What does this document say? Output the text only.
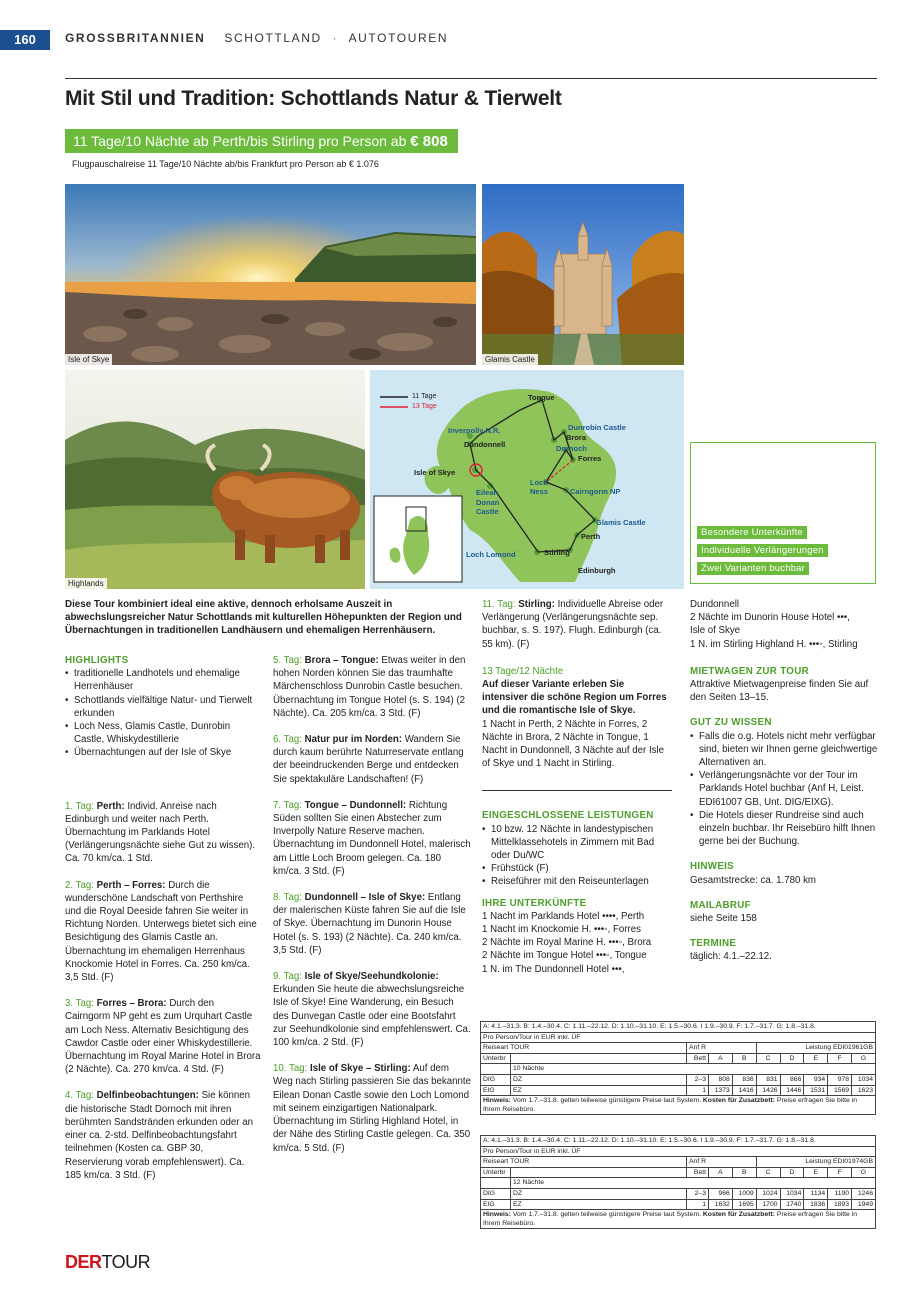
160	GROSSBRITANNIEN SCHOTTLAND · AUTOTOUREN
Mit Stil und Tradition: Schottlands Natur & Tierwelt
11 Tage/10 Nächte ab Perth/bis Stirling pro Person ab € 808
Flugpauschalreise 11 Tage/10 Nächte ab/bis Frankfurt pro Person ab € 1.076
Isle of Skye	Glamis Castle
Highlands
11 Tage
13 Tage
Tongue
Inverpolly N.R.	Dunrobin Castle
Dundonnell
Brora
Dornoch
Forres
Isle of Skye
Loch Ness	Cairngorm NP
Eilean Donan Castle
Glamis Castle
Perth
Loch Lomond	Stirling
Edinburgh
Besondere Unterkünfte
Individuelle Verlängerungen
Zwei Varianten buchbar
Diese Tour kombiniert ideal eine aktive, dennoch erholsame Auszeit in abwechslungsreicher Natur Schottlands mit kulturellen Höhepunkten der Region und Übernachtungen in traditionellen Landhäusern und ehemaligen Herrenhäusern.
HIGHLIGHTS
• traditionelle Landhotels und ehemalige Herrenhäuser
• Schottlands vielfältige Natur- und Tierwelt erkunden
• Loch Ness, Glamis Castle, Dunrobin Castle, Whiskydestillerie
• Übernachtungen auf der Isle of Skye
1. Tag: Perth: Individ. Anreise nach Edinburgh und weiter nach Perth. Übernachtung im Parklands Hotel (Verlängerungsnächte siehe Gut zu wissen). Ca. 70 km/ca. 1 Std.
2. Tag: Perth – Forres: Durch die wunderschöne Landschaft von Perthshire und die Royal Deeside fahren Sie weiter in Richtung Norden. Unterwegs bietet sich eine Besichtigung des Glamis Castle an. Übernachtung im ehemaligen Herrenhaus Knockomie Hotel in Forres. Ca. 250 km/ca. 3,5 Std. (F)
3. Tag: Forres – Brora: Durch den Cairngorm NP geht es zum Urquhart Castle am Loch Ness. Alternativ Besichtigung des Cawdor Castle oder einer Whiskydestillerie. Übernachtung im Royal Marine Hotel in Brora (2 Nächte). Ca. 270 km/ca. 4 Std. (F)
4. Tag: Delfinbeobachtungen: Sie können die historische Stadt Dornoch mit ihren berühmten Sandstränden erkunden oder an einer ca. 2-std. Delfinbeobachtungsfahrt teilnehmen (Kosten ca. GBP 30, Reservierung vorab empfehlenswert). Ca. 185 km/ca. 3 Std. (F)
5. Tag: Brora – Tongue: Etwas weiter in den hohen Norden können Sie das traumhafte Märchenschloss Dunrobin Castle besuchen. Übernachtung im Tongue Hotel (s. S. 194) (2 Nächte). Ca. 205 km/ca. 3 Std. (F)
6. Tag: Natur pur im Norden: Wandern Sie durch kaum berührte Naturreservate entlang der beeindruckenden Berge und entdecken Sie spektakuläre Landschaften! (F)
7. Tag: Tongue – Dundonnell: Richtung Süden sollten Sie einen Abstecher zum Inverpolly Nature Reserve machen. Übernachtung im Dundonnell Hotel, malerisch am Little Loch Broom gelegen. Ca. 180 km/ca. 3 Std. (F)
8. Tag: Dundonnell – Isle of Skye: Entlang der malerischen Küste fahren Sie auf die Isle of Skye. Übernachtung im Dunorin House Hotel (s. S. 193) (2 Nächte). Ca. 240 km/ca. 3,5 Std. (F)
9. Tag: Isle of Skye/Seehundkolonie: Erkunden Sie heute die abwechslungsreiche Isle of Skye! Eine Wanderung, ein Besuch des Dunvegan Castle oder eine Bootsfahrt zur Seehundkolonie sind empfehlenswert. Ca. 100 km/ca. 2 Std. (F)
10. Tag: Isle of Skye – Stirling: Auf dem Weg nach Stirling passieren Sie das bekannte Eilean Donan Castle sowie den Loch Lomond mit seinem einzigartigen Nationalpark. Übernachtung im Stirling Highland Hotel, in der Nähe des Stirling Castle gelegen. Ca. 350 km/ca. 5 Std. (F)
11. Tag: Stirling: Individuelle Abreise oder Verlängerung (Verlängerungsnächte sep. buchbar, s. S. 197). Flugh. Edinburgh (ca. 55 km). (F)
13 Tage/12 Nächte
Auf dieser Variante erleben Sie intensiver die schöne Region um Forres und die romantische Isle of Skye.
1 Nacht in Perth, 2 Nächte in Forres, 2 Nächte in Brora, 2 Nächte in Tongue, 1 Nacht in Dundonnell, 3 Nächte auf der Isle of Skye und 1 Nacht in Stirling.
EINGESCHLOSSENE LEISTUNGEN
• 10 bzw. 12 Nächte in landestypischen Mittelklassehotels in Zimmern mit Bad oder Du/WC
• Frühstück (F)
• Reiseführer mit den Reiseunterlagen
IHRE UNTERKÜNFTE
1 Nacht im Parklands Hotel ••••, Perth
1 Nacht im Knockomie H. •••◦, Forres
2 Nächte im Royal Marine H. •••◦, Brora
2 Nächte im Tongue Hotel •••◦, Tongue
1 N. im The Dundonnell Hotel •••,
Dundonnell
2 Nächte im Dunorin House Hotel •••,
Isle of Skye
1 N. im Stirling Highland H. •••◦, Stirling
MIETWAGEN ZUR TOUR
Attraktive Mietwagenpreise finden Sie auf den Seiten 13–15.
GUT ZU WISSEN
• Falls die o.g. Hotels nicht mehr verfügbar sind, bieten wir Ihnen gerne gleichwertige Alternativen an.
• Verlängerungsnächte vor der Tour im Parklands Hotel buchbar (Anf H, Leist. EDI61007 GB, Unt. DIG/EIXG).
• Die Hotels dieser Rundreise sind auch einzeln buchbar. Ihr Reisebüro hilft Ihnen gerne bei der Buchung.
HINWEIS
Gesamtstrecke: ca. 1.780 km
MAILABRUF
siehe Seite 158
TERMINE
täglich: 4.1.–22.12.
A: 4.1.–31.3. B: 1.4.–30.4. C: 1.11.–22.12. D: 1.10.–31.10. E: 1.5.–30.6. I 1.9.–30.9. F: 1.7.–31.7. G: 1.8.–31.8.									
Pro Person/Tour in EUR inkl. ÜF									
Reiseart TOUR		Anf R			Leistung EDI01961GB				
Unterbr		Bett	A	B	C	D	E	F	G
	10 Nächte								
DIG	DZ	2–3	808	836	831	866	934	978	1034
EIG	EZ	1	1373	1416	1426	1446	1531	1569	1623
Hinweis: Vom 1.7.–31.8. gelten teilweise günstigere Preise laut System. Kosten für Zusatzbett: Preise erfragen Sie bitte in Ihrem Reisebüro.									
A: 4.1.–31.3. B: 1.4.–30.4. C: 1.11.–22.12. D: 1.10.–31.10. E: 1.5.–30.6. I 1.9.–30.9. F: 1.7.–31.7. G: 1.8.–31.8.									
Pro Person/Tour in EUR inkl. ÜF									
Reiseart TOUR		Anf R			Leistung EDI01974GB				
Unterbr		Bett	A	B	C	D	E	F	G
	12 Nächte								
DIG	DZ	2–3	966	1009	1024	1034	1134	1190	1246
EIG	EZ	1	1632	1695	1700	1740	1836	1893	1949
Hinweis: Vom 1.7.–31.8. gelten teilweise günstigere Preise laut System. Kosten für Zusatzbett: Preise erfragen Sie bitte in Ihrem Reisebüro.									
DERTOUR
